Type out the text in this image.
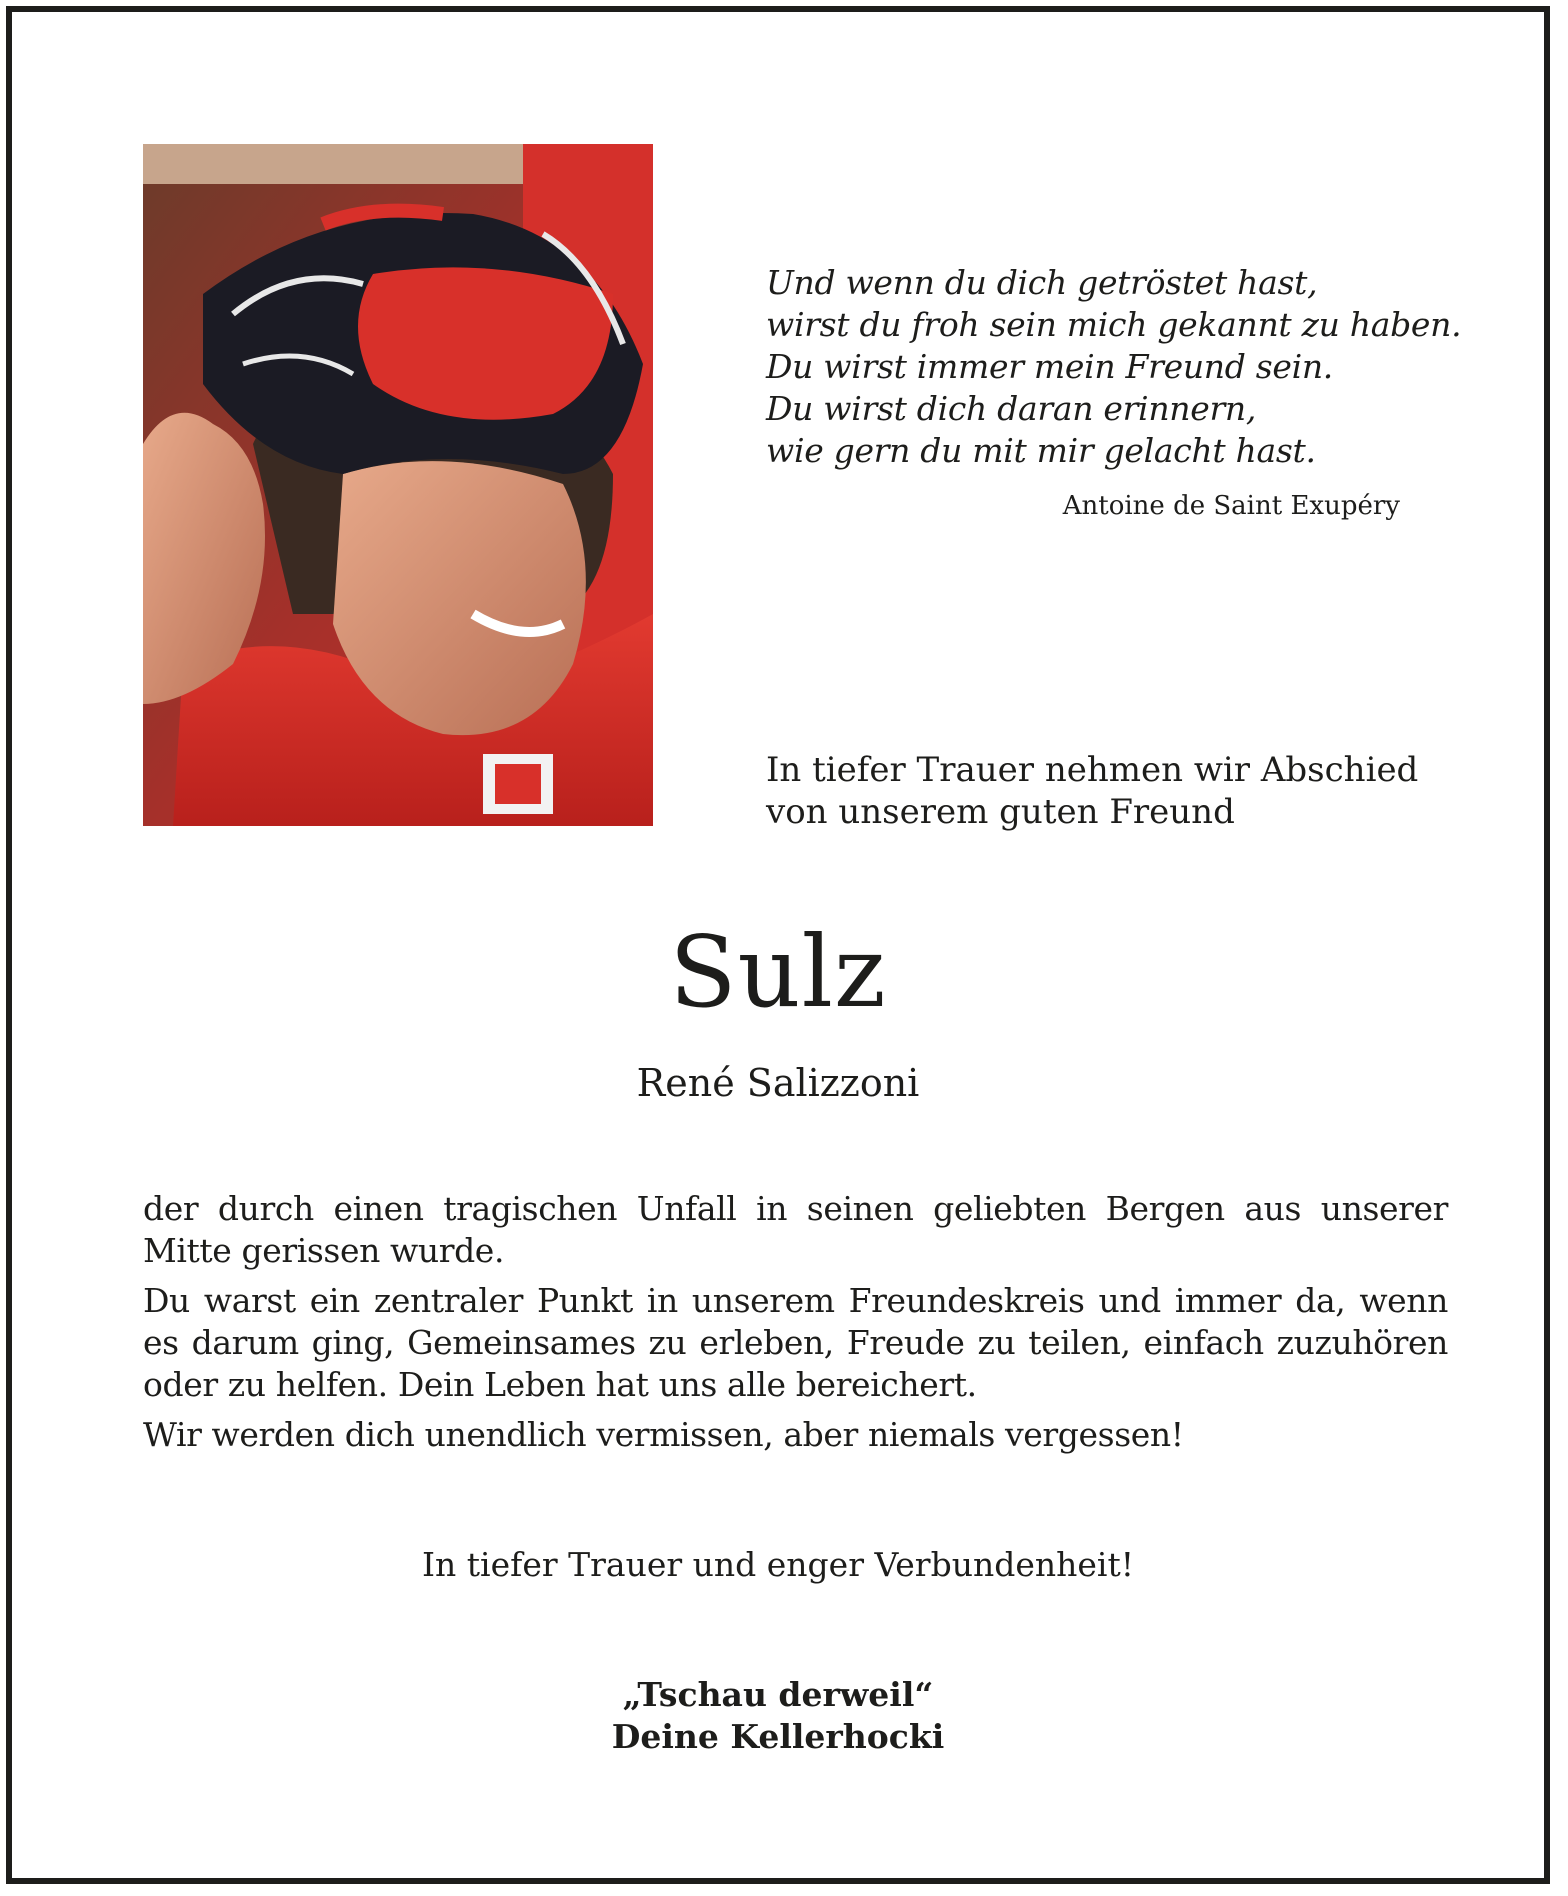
Und wenn du dich getröstet hast,
wirst du froh sein mich gekannt zu haben.
Du wirst immer mein Freund sein.
Du wirst dich daran erinnern,
wie gern du mit mir gelacht hast.
Antoine de Saint Exupéry
In tiefer Trauer nehmen wir Abschied
von unserem guten Freund
Sulz
René Salizzoni

der durch einen tragischen Unfall in seinen geliebten Bergen aus unserer Mitte gerissen wurde.

Du warst ein zentraler Punkt in unserem Freundeskreis und immer da, wenn es darum ging, Gemeinsames zu erleben, Freude zu teilen, einfach zuzuhören oder zu helfen. Dein Leben hat uns alle bereichert.

Wir werden dich unendlich vermissen, aber niemals vergessen!

In tiefer Trauer und enger Verbundenheit!
„Tschau derweil“
Deine Kellerhocki
